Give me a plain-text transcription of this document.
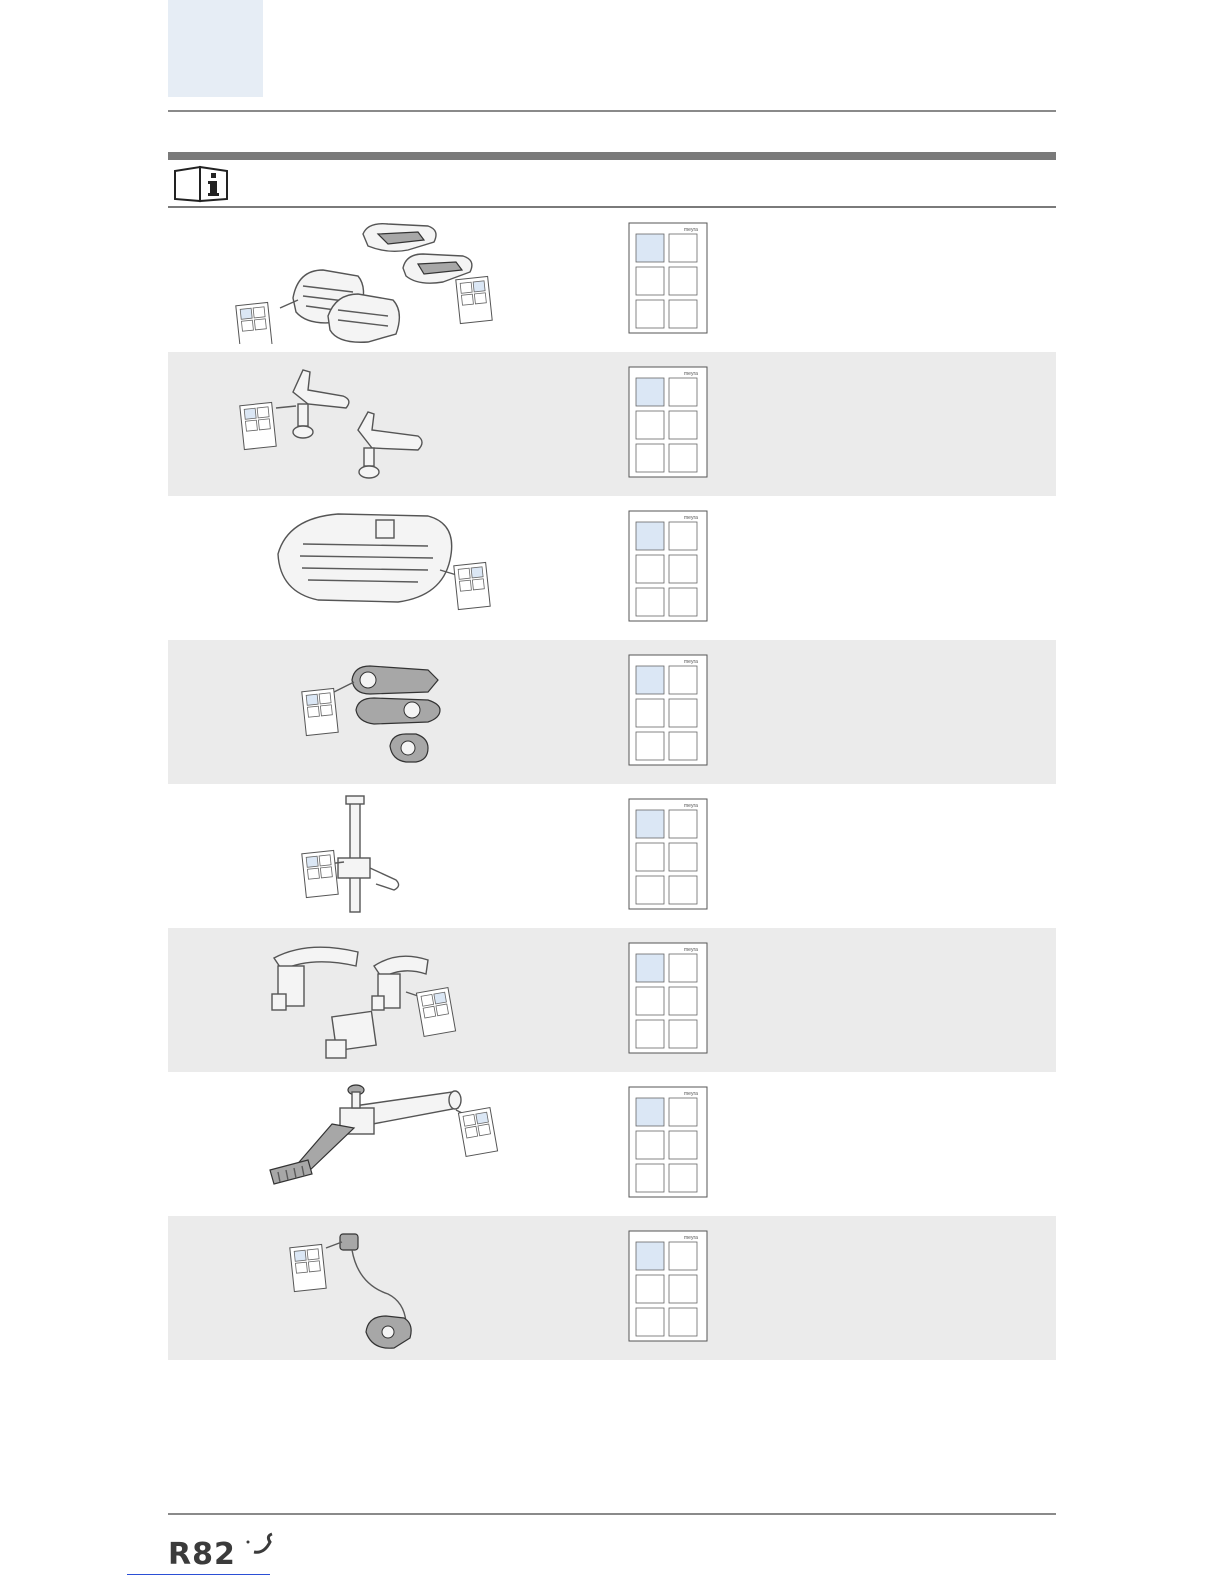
meyra
meyra
meyra
meyra
meyra
meyra
meyra
meyra
R82
